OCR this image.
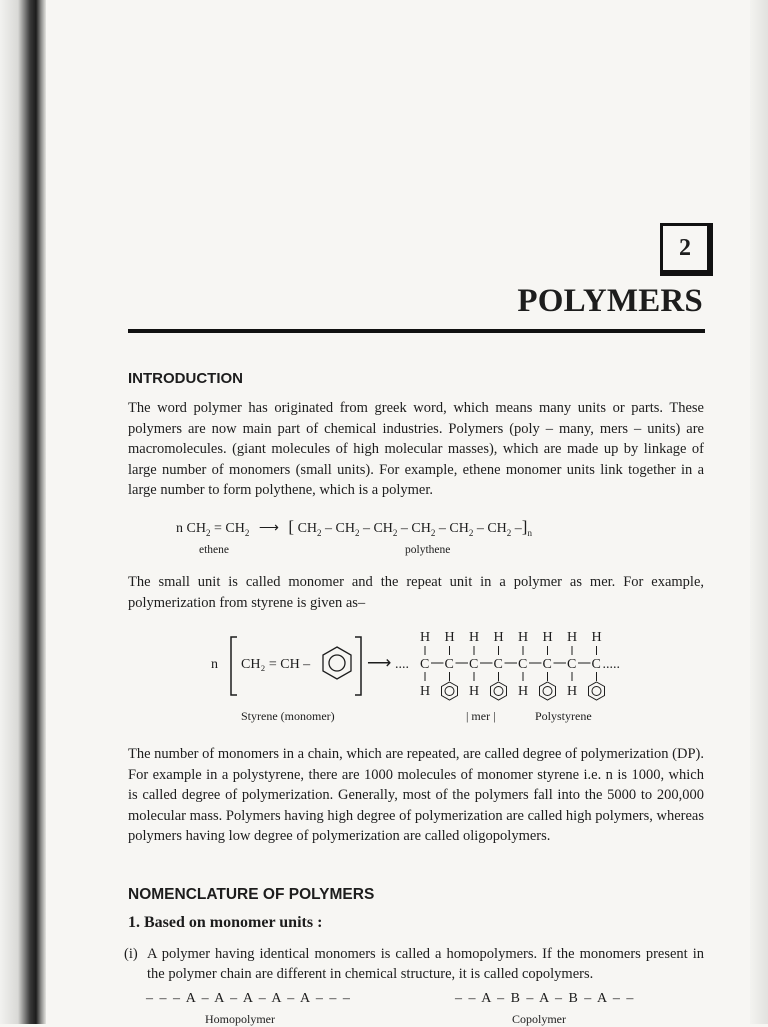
2
POLYMERS
INTRODUCTION

The word polymer has originated from greek word, which means many units or parts. These polymers are now main part of chemical industries. Polymers (poly – many, mers – units) are macromolecules. (giant molecules of high molecular masses), which are made up by linkage of large number of monomers (small units). For example, ethene monomer units link together in a large number to form polythene, which is a polymer.

n $CH_2 = CH_2$ ⟶ [ $CH_2 - CH_2 - CH_2 - CH_2 - CH_2 - CH_2$ $-]_n$
ethene	polythene

The small unit is called monomer and the repeat unit in a polymer as mer. For example, polymerization from styrene is given as–

n CH₂ = CH –	⟶ ....
H
C
H
H
C
H
C
H
H
C
H
C
H
H
C
H
C
H
H
C .....
Styrene (monomer)	| mer |	Polystyrene

The number of monomers in a chain, which are repeated, are called degree of polymerization (DP). For example in a polystyrene, there are 1000 molecules of monomer styrene i.e. n is 1000, which is called degree of polymerization. Generally, most of the polymers fall into the 5000 to 200,000 molecular mass. Polymers having high degree of polymerization are called high polymers, whereas polymers having low degree of polymerization are called oligopolymers.

NOMENCLATURE OF POLYMERS
1. Based on monomer units :
(i) A polymer having identical monomers is called a homopolymers. If the monomers present in the polymer chain are different in chemical structure, it is called copolymers.
– – – A – A – A – A – A – – –
Homopolymer
– – A – B – A – B – A – –
Copolymer
